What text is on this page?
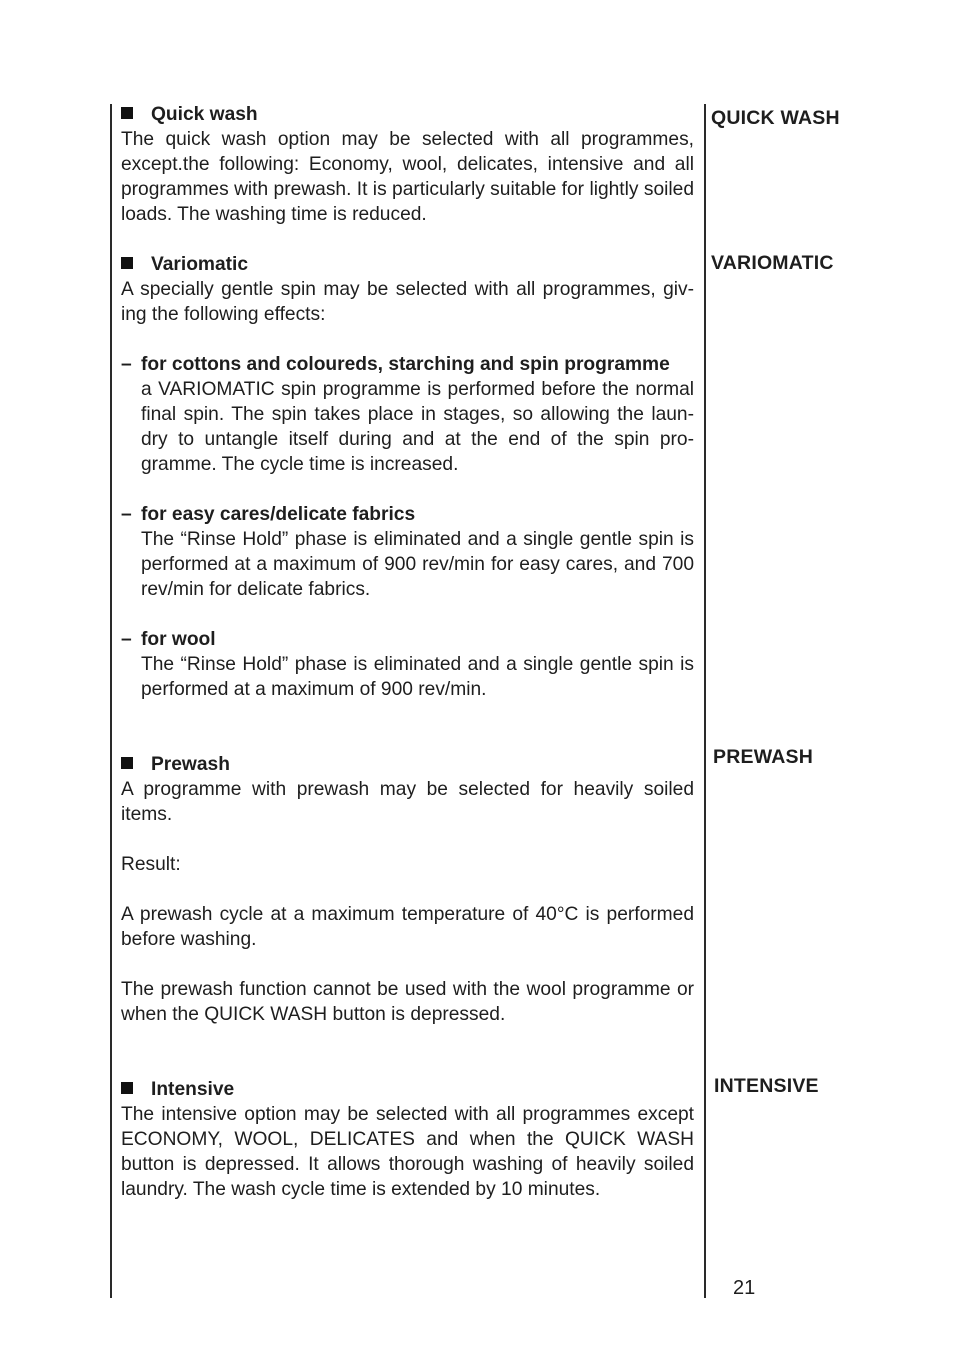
Quick wash

The quick wash option may be selected with all programmes, except.the following: Economy, wool, delicates, intensive and all programmes with prewash. It is particularly suitable for lightly soiled loads. The washing time is reduced.

Variomatic

A specially gentle spin may be selected with all programmes, giv-ing the following effects:

– for cottons and coloureds, starching and spin programme

a VARIOMATIC spin programme is performed before the normal final spin. The spin takes place in stages, so allowing the laun-dry to untangle itself during and at the end of the spin pro-gramme. The cycle time is increased.

– for easy cares/delicate fabrics

The “Rinse Hold” phase is eliminated and a single gentle spin is performed at a maximum of 900 rev/min for easy cares, and 700 rev/min for delicate fabrics.

– for wool

The “Rinse Hold” phase is eliminated and a single gentle spin is performed at a maximum of 900 rev/min.

Prewash

A programme with prewash may be selected for heavily soiled items.

Result:

A prewash cycle at a maximum temperature of 40°C is performed before washing.

The prewash function cannot be used with the wool programme or when the QUICK WASH button is depressed.

Intensive

The intensive option may be selected with all programmes except ECONOMY, WOOL, DELICATES and when the QUICK WASH button is depressed. It allows thorough washing of heavily soiled laundry. The wash cycle time is extended by 10 minutes.

QUICK WASH
VARIOMATIC
PREWASH
INTENSIVE
21
